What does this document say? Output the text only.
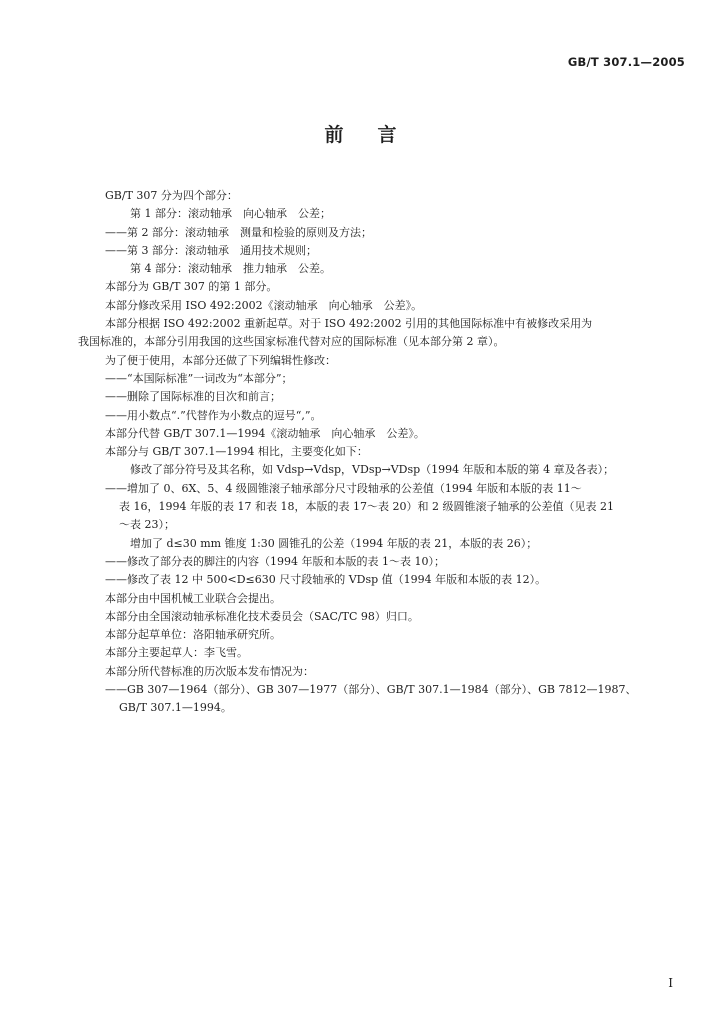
GB/T 307.1—2005
前言
GB/T 307 分为四个部分：
第 1 部分：滚动轴承　向心轴承　公差；
——第 2 部分：滚动轴承　测量和检验的原则及方法；
——第 3 部分：滚动轴承　通用技术规则；
第 4 部分：滚动轴承　推力轴承　公差。
本部分为 GB/T 307 的第 1 部分。
本部分修改采用 ISO 492:2002《滚动轴承　向心轴承　公差》。
本部分根据 ISO 492:2002 重新起草。对于 ISO 492:2002 引用的其他国际标准中有被修改采用为
我国标准的，本部分引用我国的这些国家标准代替对应的国际标准（见本部分第 2 章）。
为了便于使用，本部分还做了下列编辑性修改：
——“本国际标准”一词改为“本部分”；
——删除了国际标准的目次和前言；
——用小数点“.”代替作为小数点的逗号“,”。
本部分代替 GB/T 307.1—1994《滚动轴承　向心轴承　公差》。
本部分与 GB/T 307.1—1994 相比，主要变化如下：
修改了部分符号及其名称，如 Vdsp→Vdsp，VDsp→VDsp（1994 年版和本版的第 4 章及各表）；
——增加了 0、6X、5、4 级圆锥滚子轴承部分尺寸段轴承的公差值（1994 年版和本版的表 11～
表 16，1994 年版的表 17 和表 18，本版的表 17～表 20）和 2 级圆锥滚子轴承的公差值（见表 21
～表 23）；
增加了 d≤30 mm 锥度 1:30 圆锥孔的公差（1994 年版的表 21，本版的表 26）；
——修改了部分表的脚注的内容（1994 年版和本版的表 1～表 10）；
——修改了表 12 中 500<D≤630 尺寸段轴承的 VDsp 值（1994 年版和本版的表 12）。
本部分由中国机械工业联合会提出。
本部分由全国滚动轴承标准化技术委员会（SAC/TC 98）归口。
本部分起草单位：洛阳轴承研究所。
本部分主要起草人：李飞雪。
本部分所代替标准的历次版本发布情况为：
——GB 307—1964（部分）、GB 307—1977（部分）、GB/T 307.1—1984（部分）、GB 7812—1987、
GB/T 307.1—1994。
I
